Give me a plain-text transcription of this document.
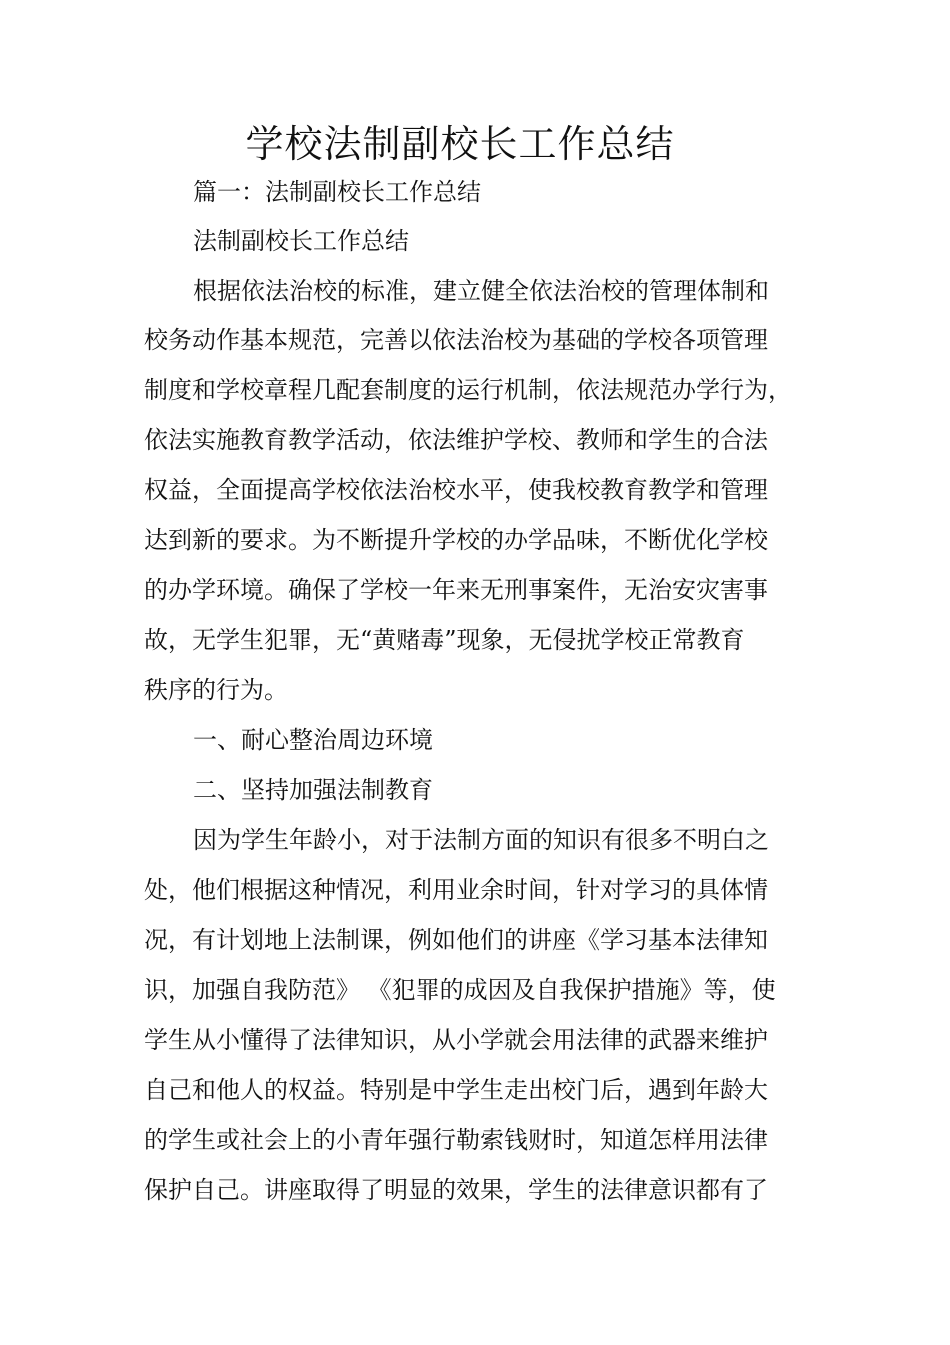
学校法制副校长工作总结

篇一：法制副校长工作总结

法制副校长工作总结

根据依法治校的标准，建立健全依法治校的管理体制和

校务动作基本规范，完善以依法治校为基础的学校各项管理

制度和学校章程几配套制度的运行机制，依法规范办学行为，

依法实施教育教学活动，依法维护学校、教师和学生的合法

权益，全面提高学校依法治校水平，使我校教育教学和管理

达到新的要求。为不断提升学校的办学品味，不断优化学校

的办学环境。确保了学校一年来无刑事案件，无治安灾害事

故，无学生犯罪，无“黄赌毒”现象，无侵扰学校正常教育

秩序的行为。

一、耐心整治周边环境

二、坚持加强法制教育

因为学生年龄小，对于法制方面的知识有很多不明白之

处，他们根据这种情况，利用业余时间，针对学习的具体情

况，有计划地上法制课，例如他们的讲座《学习基本法律知

识，加强自我防范》 《犯罪的成因及自我保护措施》等，使

学生从小懂得了法律知识，从小学就会用法律的武器来维护

自己和他人的权益。特别是中学生走出校门后，遇到年龄大

的学生或社会上的小青年强行勒索钱财时，知道怎样用法律

保护自己。讲座取得了明显的效果，学生的法律意识都有了
